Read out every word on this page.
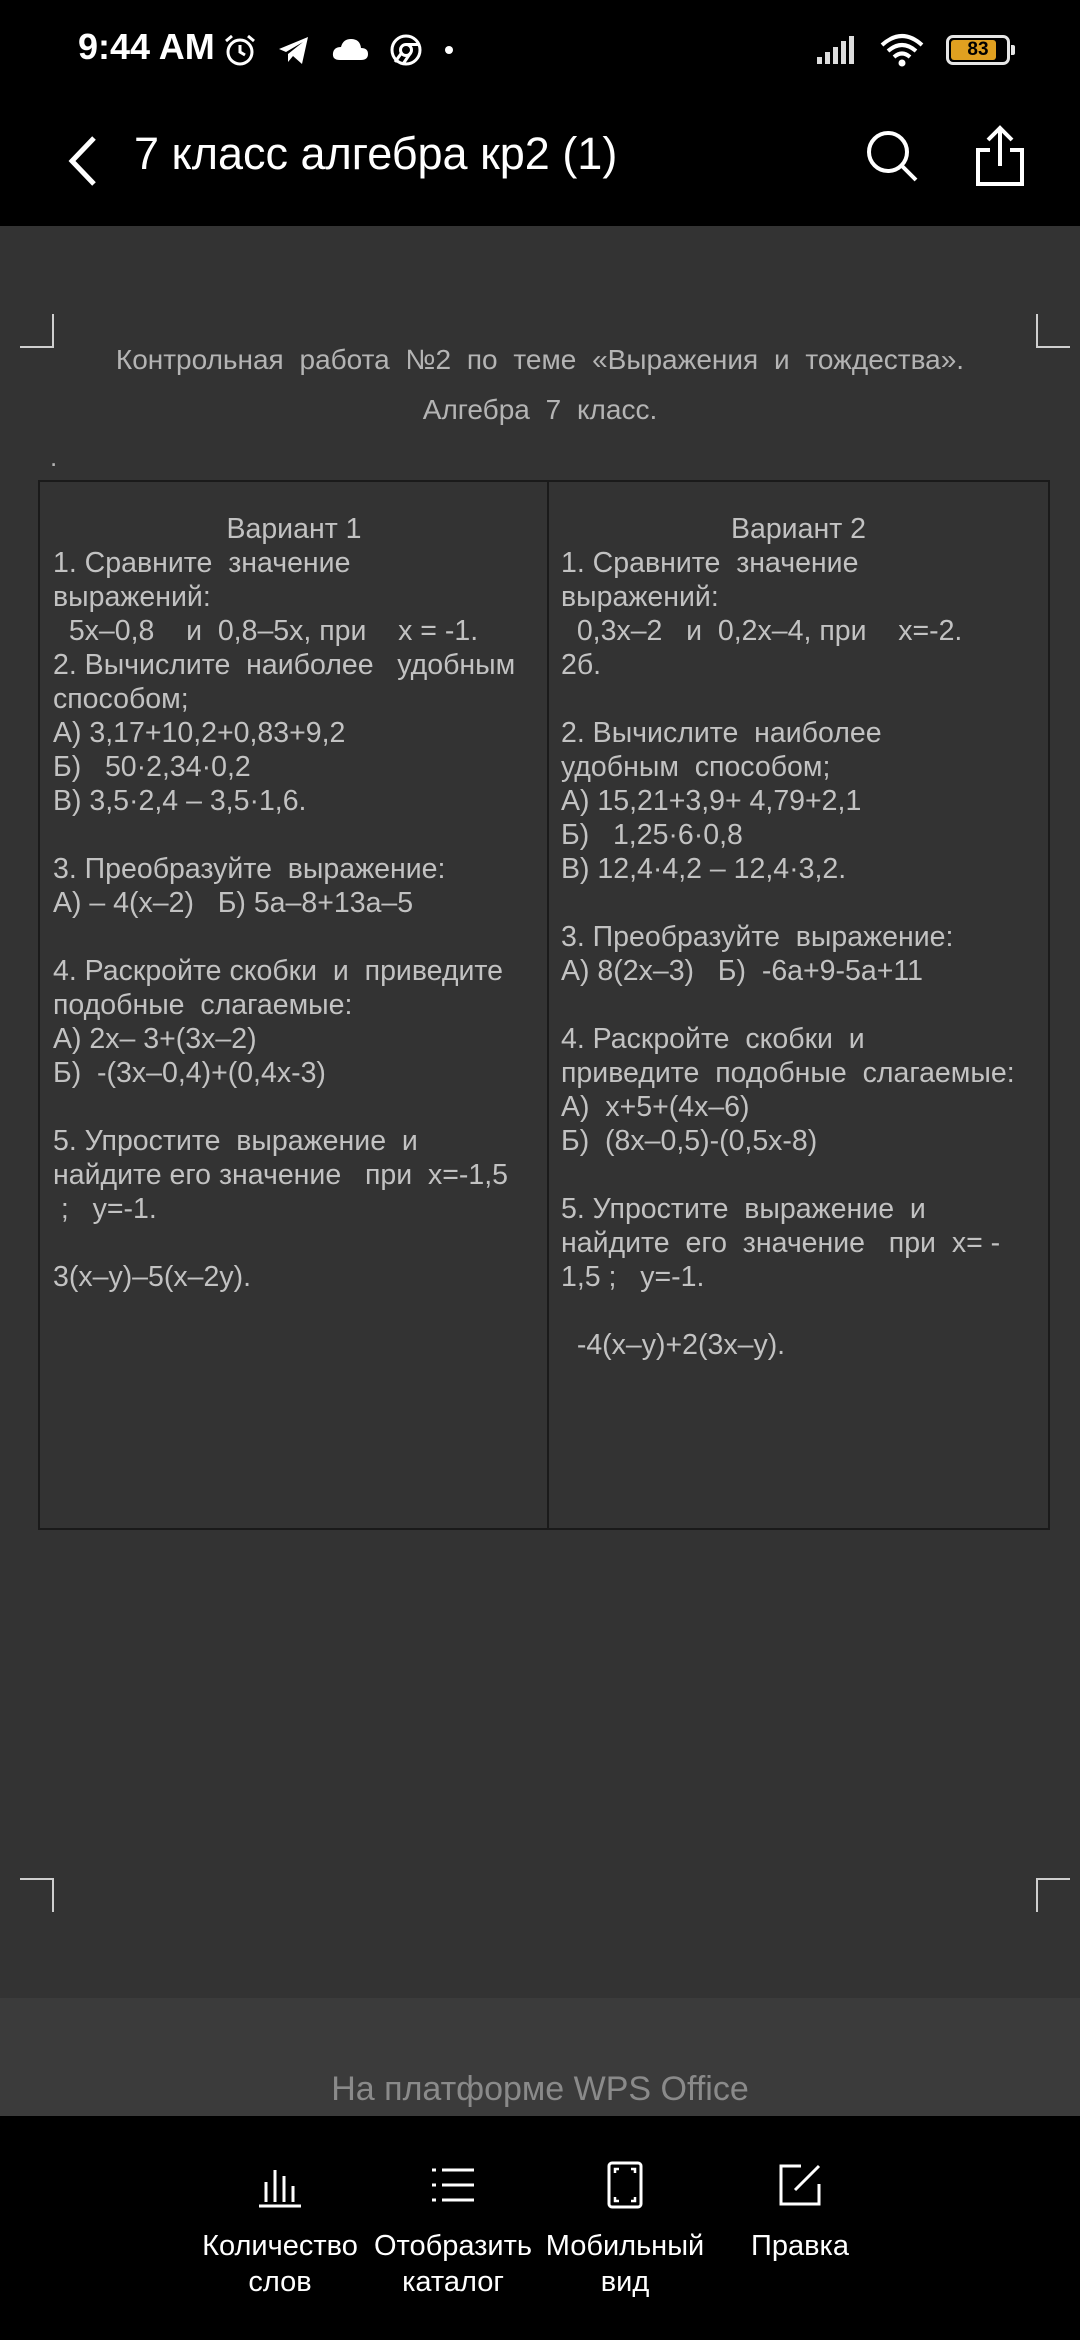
9:44 AM	83
7 класс алгебра кр2 (1)
Контрольная работа №2 по теме «Выражения и тождества».
Алгебра 7 класс.
.

Вариант 1

1. Сравните  значение

выражений:

5х–0,8    и  0,8–5х, при    х = -1.

2. Вычислите  наиболее   удобным

способом;

А) 3,17+10,2+0,83+9,2

Б)   50·2,34·0,2

В) 3,5·2,4 – 3,5·1,6.

3. Преобразуйте  выражение:

А) – 4(х–2)   Б) 5а–8+13а–5

4. Раскройте скобки  и  приведите

подобные  слагаемые:

А) 2х– 3+(3х–2)

Б)  -(3х–0,4)+(0,4х-3)

5. Упростите  выражение  и

найдите его значение   при  х=-1,5

;   у=-1.

3(х–у)–5(х–2у).

Вариант 2

1. Сравните  значение

выражений:

0,3х–2   и  0,2х–4, при    х=-2.

2б.

2. Вычислите  наиболее

удобным  способом;

А) 15,21+3,9+ 4,79+2,1

Б)   1,25·6·0,8

В) 12,4·4,2 – 12,4·3,2.

3. Преобразуйте  выражение:

А) 8(2х–3)   Б)  -6а+9-5а+11

4. Раскройте  скобки  и

приведите  подобные  слагаемые:

А)  х+5+(4х–6)

Б)  (8х–0,5)-(0,5х-8)

5. Упростите  выражение  и

найдите  его  значение   при  х= -

1,5 ;   у=-1.

-4(х–у)+2(3х–у).

На платформе WPS Office
Количество
слов
Отобразить
каталог
Мобильный
вид
Правка
